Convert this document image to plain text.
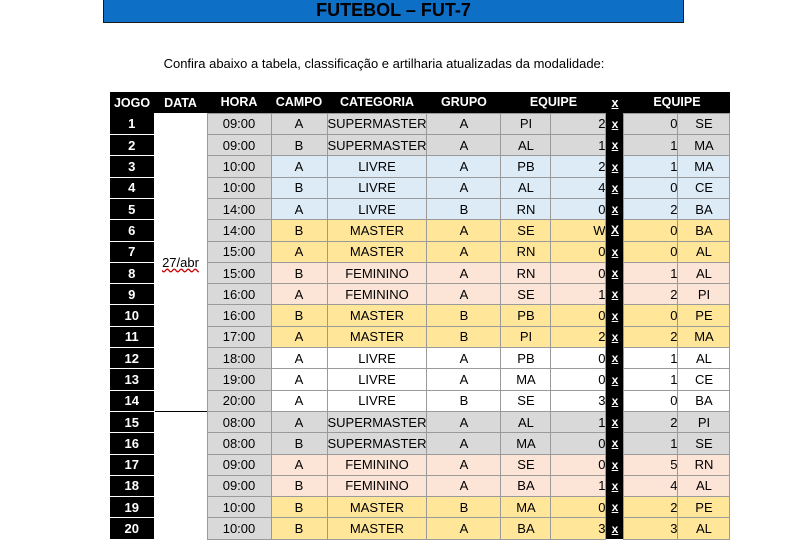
FUTEBOL – FUT-7
Confira abaixo a tabela, classificação e artilharia atualizadas da modalidade:
JOGO	DATA	HORA	CAMPO	CATEGORIA	GRUPO	EQUIPE		x	EQUIPE	
1	27/abr	09:00	A	SUPERMASTER	A	PI	2	x	0	SE
2		09:00	B	SUPERMASTER	A	AL	1	x	1	MA
3		10:00	A	LIVRE	A	PB	2	x	1	MA
4		10:00	B	LIVRE	A	AL	4	x	0	CE
5		14:00	A	LIVRE	B	RN	0	x	2	BA
6		14:00	B	MASTER	A	SE	W	X	0	BA
7		15:00	A	MASTER	A	RN	0	x	0	AL
8		15:00	B	FEMININO	A	RN	0	x	1	AL
9		16:00	A	FEMININO	A	SE	1	x	2	PI
10		16:00	B	MASTER	B	PB	0	x	0	PE
11		17:00	A	MASTER	B	PI	2	x	2	MA
12		18:00	A	LIVRE	A	PB	0	x	1	AL
13		19:00	A	LIVRE	A	MA	0	x	1	CE
14		20:00	A	LIVRE	B	SE	3	x	0	BA
15		08:00	A	SUPERMASTER	A	AL	1	x	2	PI
16		08:00	B	SUPERMASTER	A	MA	0	x	1	SE
17		09:00	A	FEMININO	A	SE	0	x	5	RN
18		09:00	B	FEMININO	A	BA	1	x	4	AL
19		10:00	B	MASTER	B	MA	0	x	2	PE
20		10:00	B	MASTER	A	BA	3	x	3	AL
